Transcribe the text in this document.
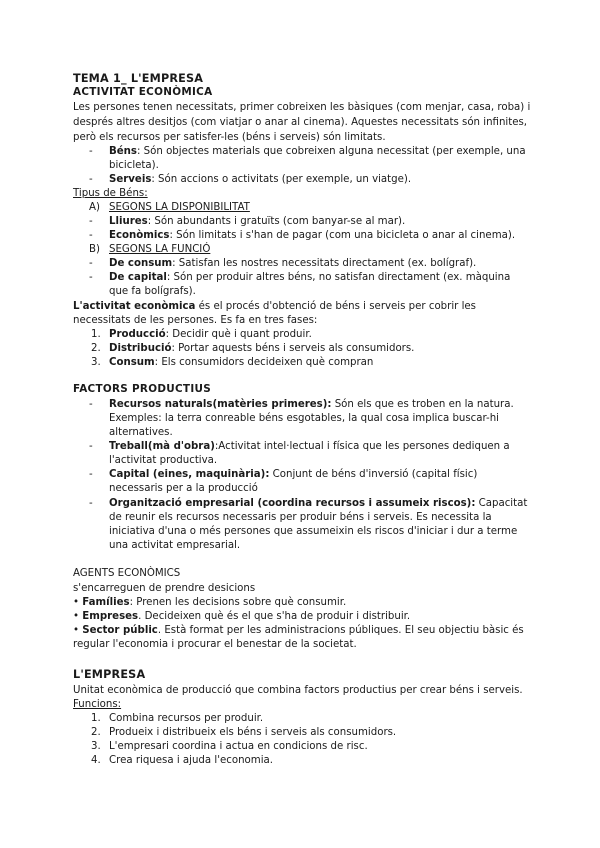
TEMA 1_ L'EMPRESA
ACTIVITAT ECONÒMICA
Les persones tenen necessitats, primer cobreixen les bàsiques (com menjar, casa, roba) i
després altres desitjos (com viatjar o anar al cinema). Aquestes necessitats són infinites,
però els recursos per satisfer-les (béns i serveis) són limitats.
- Béns: Són objectes materials que cobreixen alguna necessitat (per exemple, una
bicicleta).
- Serveis: Són accions o activitats (per exemple, un viatge).
Tipus de Béns:
A) SEGONS LA DISPONIBILITAT
- Lliures: Són abundants i gratuïts (com banyar-se al mar).
- Econòmics: Són limitats i s'han de pagar (com una bicicleta o anar al cinema).
B) SEGONS LA FUNCIÓ
- De consum: Satisfan les nostres necessitats directament (ex. bolígraf).
- De capital: Són per produir altres béns, no satisfan directament (ex. màquina
que fa bolígrafs).
L'activitat econòmica és el procés d'obtenció de béns i serveis per cobrir les
necessitats de les persones. Es fa en tres fases:
1. Producció: Decidir què i quant produir.
2. Distribució: Portar aquests béns i serveis als consumidors.
3. Consum: Els consumidors decideixen què compran
FACTORS PRODUCTIUS
- Recursos naturals(matèries primeres): Són els que es troben en la natura.
Exemples: la terra conreable béns esgotables, la qual cosa implica buscar-hi
alternatives.
- Treball(mà d'obra):Activitat intel·lectual i física que les persones dediquen a
l'activitat productiva.
- Capital (eines, maquinària): Conjunt de béns d'inversió (capital físic)
necessaris per a la producció
- Organització empresarial (coordina recursos i assumeix riscos): Capacitat
de reunir els recursos necessaris per produir béns i serveis. Es necessita la
iniciativa d'una o més persones que assumeixin els riscos d'iniciar i dur a terme
una activitat empresarial.
AGENTS ECONÒMICS
s'encarreguen de prendre desicions
• Famílies: Prenen les decisions sobre què consumir.
• Empreses. Decideixen què és el que s'ha de produir i distribuir.
• Sector públic. Està format per les administracions públiques. El seu objectiu bàsic és
regular l'economia i procurar el benestar de la societat.
L'EMPRESA
Unitat econòmica de producció que combina factors productius per crear béns i serveis.
Funcions:
1. Combina recursos per produir.
2. Produeix i distribueix els béns i serveis als consumidors.
3. L'empresari coordina i actua en condicions de risc.
4. Crea riquesa i ajuda l'economia.
